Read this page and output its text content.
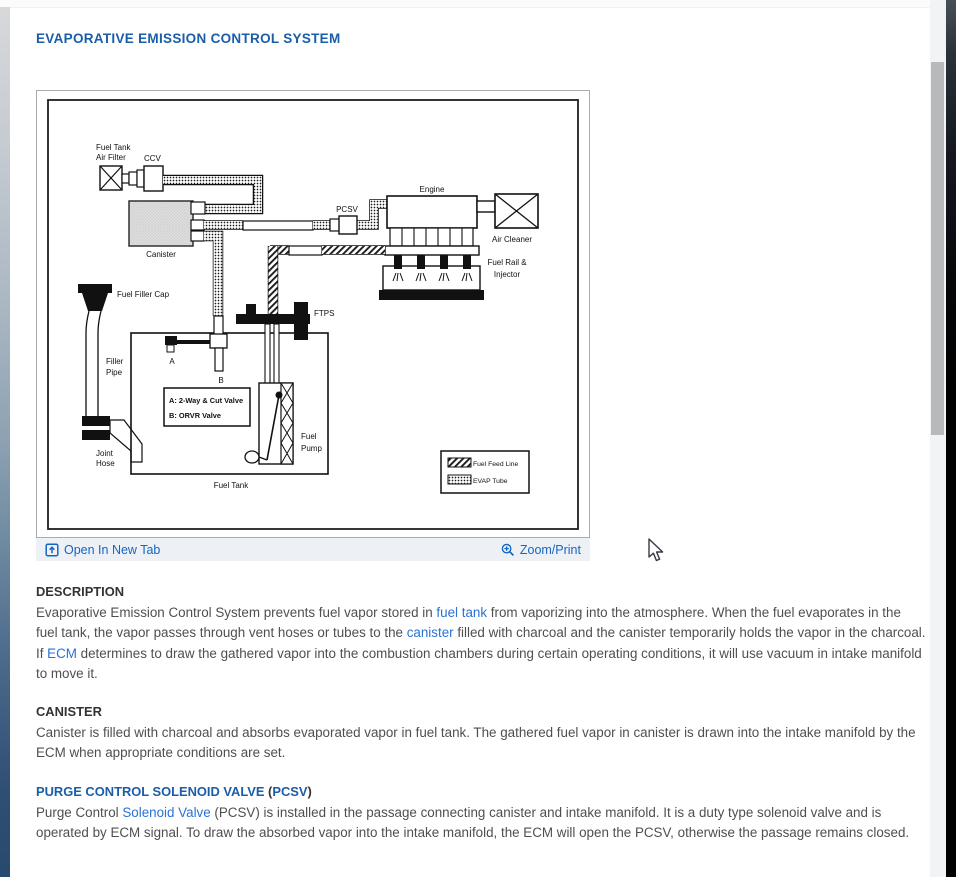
EVAPORATIVE EMISSION CONTROL SYSTEM
Fuel Tank
Air Filter CCV
Canister
PCSV
Engine
Air Cleaner
Fuel Rail &
Injector
Fuel Filler Cap
Filler
Pipe
Joint
Hose
Fuel Tank
FTPS
A
B
A: 2-Way & Cut Valve
B: ORVR Valve
Fuel
Pump
Fuel Feed Line
EVAP Tube
Open In New Tab	Zoom/Print
DESCRIPTION

Evaporative Emission Control System prevents fuel vapor stored in fuel tank from vaporizing into the atmosphere. When the fuel evaporates in the fuel tank, the vapor passes through vent hoses or tubes to the canister filled with charcoal and the canister temporarily holds the vapor in the charcoal. If ECM determines to draw the gathered vapor into the combustion chambers during certain operating conditions, it will use vacuum in intake manifold to move it.

CANISTER

Canister is filled with charcoal and absorbs evaporated vapor in fuel tank. The gathered fuel vapor in canister is drawn into the intake manifold by the ECM when appropriate conditions are set.

PURGE CONTROL SOLENOID VALVE (PCSV)

Purge Control Solenoid Valve (PCSV) is installed in the passage connecting canister and intake manifold. It is a duty type solenoid valve and is operated by ECM signal. To draw the absorbed vapor into the intake manifold, the ECM will open the PCSV, otherwise the passage remains closed.
